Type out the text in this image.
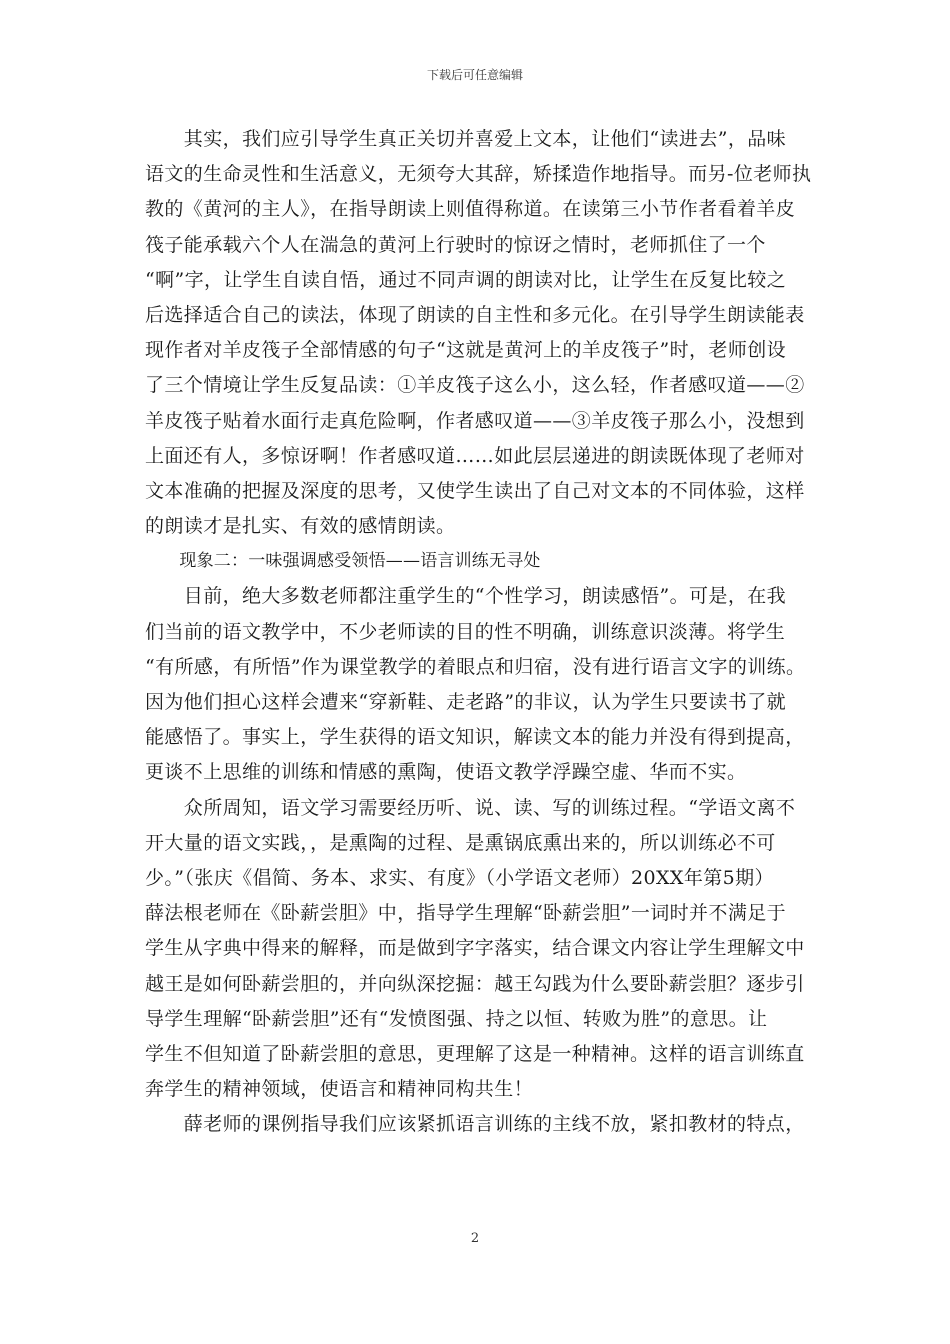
下载后可任意编辑
　　其实，我们应引导学生真正关切并喜爱上文本，让他们“读进去”，品味
语文的生命灵性和生活意义，无须夸大其辞，矫揉造作地指导。而另-位老师执
教的《黄河的主人》，在指导朗读上则值得称道。在读第三小节作者看着羊皮
筏子能承载六个人在湍急的黄河上行驶时的惊讶之情时，老师抓住了一个
“啊”字，让学生自读自悟，通过不同声调的朗读对比，让学生在反复比较之
后选择适合自己的读法，体现了朗读的自主性和多元化。在引导学生朗读能表
现作者对羊皮筏子全部情感的句子“这就是黄河上的羊皮筏子”时，老师创设
了三个情境让学生反复品读：①羊皮筏子这么小，这么轻，作者感叹道——②
羊皮筏子贴着水面行走真危险啊，作者感叹道——③羊皮筏子那么小，没想到
上面还有人，多惊讶啊！作者感叹道……如此层层递进的朗读既体现了老师对
文本准确的把握及深度的思考，又使学生读出了自己对文本的不同体验，这样
的朗读才是扎实、有效的感情朗读。
　　现象二：一味强调感受领悟——语言训练无寻处
　　目前，绝大多数老师都注重学生的“个性学习，朗读感悟”。可是，在我
们当前的语文教学中，不少老师读的目的性不明确，训练意识淡薄。将学生
“有所感，有所悟”作为课堂教学的着眼点和归宿，没有进行语言文字的训练。
因为他们担心这样会遭来“穿新鞋、走老路”的非议，认为学生只要读书了就
能感悟了。事实上，学生获得的语文知识，解读文本的能力并没有得到提高，
更谈不上思维的训练和情感的熏陶，使语文教学浮躁空虚、华而不实。
　　众所周知，语文学习需要经历听、说、读、写的训练过程。“学语文离不
开大量的语文实践，，是熏陶的过程、是熏锅底熏出来的，所以训练必不可
少。”（张庆《倡简、务本、求实、有度》（小学语文老师）20XX年第5期）
薛法根老师在《卧薪尝胆》中，指导学生理解“卧薪尝胆”一词时并不满足于
学生从字典中得来的解释，而是做到字字落实，结合课文内容让学生理解文中
越王是如何卧薪尝胆的，并向纵深挖掘：越王勾践为什么要卧薪尝胆？逐步引
导学生理解“卧薪尝胆”还有“发愤图强、持之以恒、转败为胜”的意思。让
学生不但知道了卧薪尝胆的意思，更理解了这是一种精神。这样的语言训练直
奔学生的精神领域，使语言和精神同构共生！
　　薛老师的课例指导我们应该紧抓语言训练的主线不放，紧扣教材的特点，
2
